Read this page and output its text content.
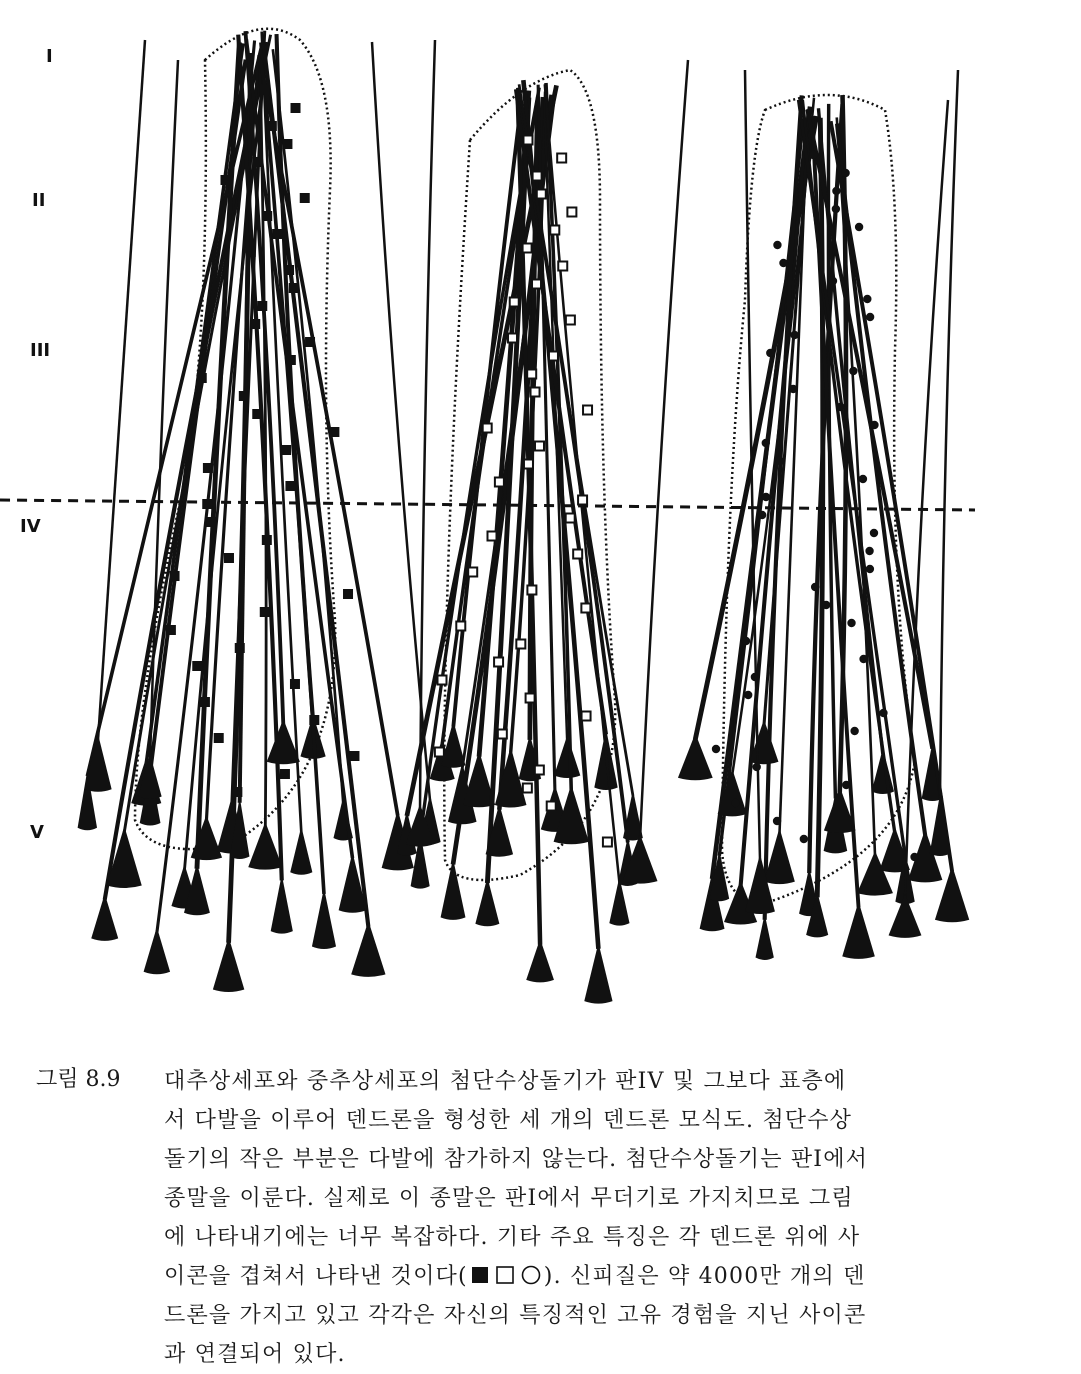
I
II
III
IV
V
그림 8.9 대추상세포와 중추상세포의 첨단수상돌기가 판IV 및 그보다 표층에
서 다발을 이루어 덴드론을 형성한 세 개의 덴드론 모식도. 첨단수상
돌기의 작은 부분은 다발에 참가하지 않는다. 첨단수상돌기는 판I에서
종말을 이룬다. 실제로 이 종말은 판I에서 무더기로 가지치므로 그림
에 나타내기에는 너무 복잡하다. 기타 주요 특징은 각 덴드론 위에 사
이콘을 겹쳐서 나타낸 것이다(	). 신피질은 약 4000만 개의 덴
드론을 가지고 있고 각각은 자신의 특징적인 고유 경험을 지닌 사이콘
과 연결되어 있다.
